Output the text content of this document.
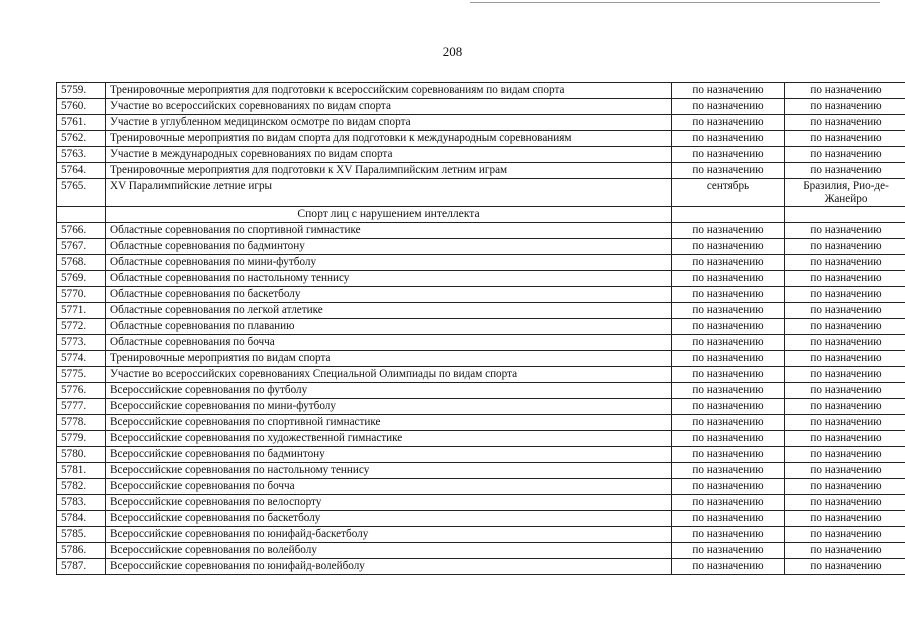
208
5759.	Тренировочные мероприятия для подготовки к всероссийским соревнованиям по видам спорта	по назначению	по назначению
5760.	Участие во всероссийских соревнованиях по видам спорта	по назначению	по назначению
5761.	Участие в углубленном медицинском осмотре по видам спорта	по назначению	по назначению
5762.	Тренировочные мероприятия по видам спорта для подготовки к международным соревнованиям	по назначению	по назначению
5763.	Участие в международных соревнованиях по видам спорта	по назначению	по назначению
5764.	Тренировочные мероприятия для подготовки к XV Паралимпийским летним играм	по назначению	по назначению
5765.	XV Паралимпийские летние игры	сентябрь	Бразилия, Рио-де-Жанейро
	Спорт лиц с нарушением интеллекта		
5766.	Областные соревнования по спортивной гимнастике	по назначению	по назначению
5767.	Областные соревнования по бадминтону	по назначению	по назначению
5768.	Областные соревнования по мини-футболу	по назначению	по назначению
5769.	Областные соревнования по настольному теннису	по назначению	по назначению
5770.	Областные соревнования по баскетболу	по назначению	по назначению
5771.	Областные соревнования по легкой атлетике	по назначению	по назначению
5772.	Областные соревнования по плаванию	по назначению	по назначению
5773.	Областные соревнования по бочча	по назначению	по назначению
5774.	Тренировочные мероприятия по видам спорта	по назначению	по назначению
5775.	Участие во всероссийских соревнованиях Специальной Олимпиады по видам спорта	по назначению	по назначению
5776.	Всероссийские соревнования по футболу	по назначению	по назначению
5777.	Всероссийские соревнования по мини-футболу	по назначению	по назначению
5778.	Всероссийские соревнования по спортивной гимнастике	по назначению	по назначению
5779.	Всероссийские соревнования по художественной гимнастике	по назначению	по назначению
5780.	Всероссийские соревнования по бадминтону	по назначению	по назначению
5781.	Всероссийские соревнования по настольному теннису	по назначению	по назначению
5782.	Всероссийские соревнования по бочча	по назначению	по назначению
5783.	Всероссийские соревнования по велоспорту	по назначению	по назначению
5784.	Всероссийские соревнования по баскетболу	по назначению	по назначению
5785.	Всероссийские соревнования по юнифайд-баскетболу	по назначению	по назначению
5786.	Всероссийские соревнования по волейболу	по назначению	по назначению
5787.	Всероссийские соревнования по юнифайд-волейболу	по назначению	по назначению
